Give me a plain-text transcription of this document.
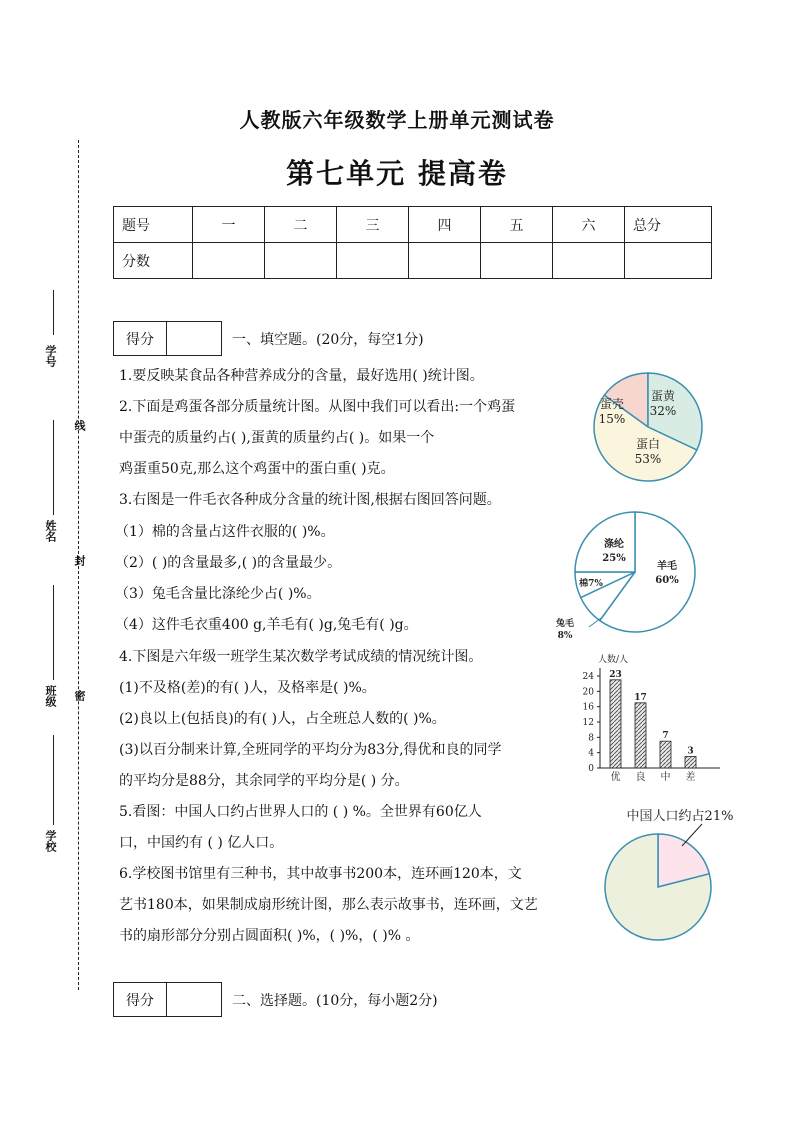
人教版六年级数学上册单元测试卷
第七单元 提高卷
题号	一	二	三	四	五	六	总分
分数							
学号
姓名
班级
学校
线
封
密
得分	一、填空题。(20分，每空1分)
1.要反映某食品各种营养成分的含量，最好选用( )统计图。
2.下面是鸡蛋各部分质量统计图。从图中我们可以看出:一个鸡蛋
中蛋壳的质量约占( ),蛋黄的质量约占( )。如果一个
鸡蛋重50克,那么这个鸡蛋中的蛋白重( )克。
3.右图是一件毛衣各种成分含量的统计图,根据右图回答问题。
（1）棉的含量占这件衣服的( )%。
（2）( )的含量最多,( )的含量最少。
（3）兔毛含量比涤纶少占( )%。
（4）这件毛衣重400 g,羊毛有( )g,兔毛有( )g。
4.下图是六年级一班学生某次数学考试成绩的情况统计图。
(1)不及格(差)的有( )人，及格率是( )%。
(2)良以上(包括良)的有( )人，占全班总人数的( )%。
(3)以百分制来计算,全班同学的平均分为83分,得优和良的同学
的平均分是88分，其余同学的平均分是( ) 分。
5.看图：中国人口约占世界人口的 ( ) %。全世界有60亿人
口，中国约有 ( ) 亿人口。
6.学校图书馆里有三种书，其中故事书200本，连环画120本，文
艺书180本，如果制成扇形统计图，那么表示故事书，连环画，文艺
书的扇形部分分别占圆面积( )%，( )%，( )% 。
得分	二、选择题。(10分，每小题2分)
蛋壳
15%
蛋黄
32%
蛋白
53%
羊毛
60%
涤纶
25%
棉7%
兔毛
8%
人数/人
0
4
8
12
16
20
24 23
优
17
良
7
中
3
差
中国人口约占21%
